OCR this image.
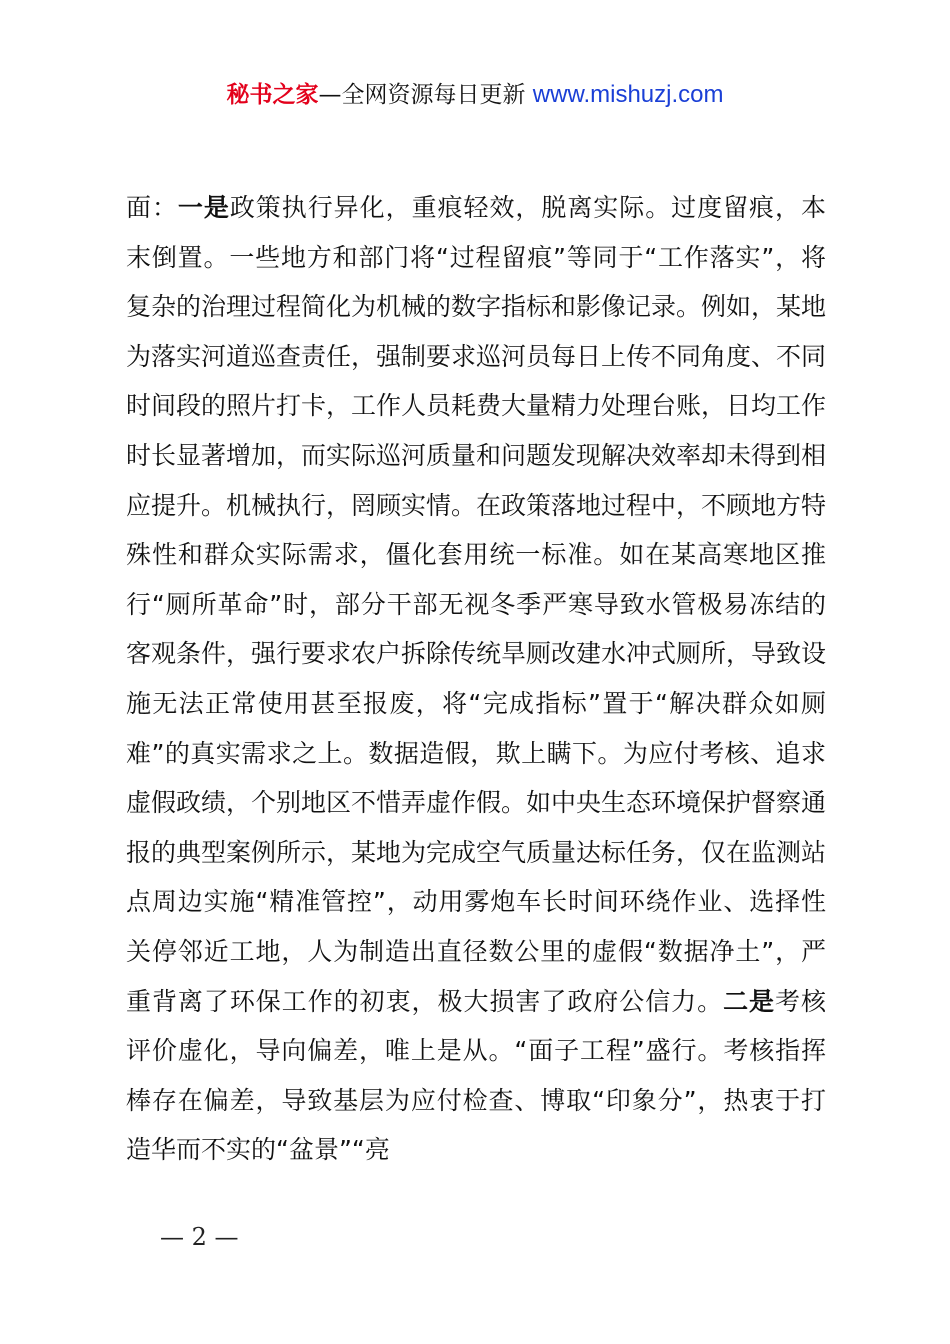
秘书之家—全网资源每日更新 www.mishuzj.com

面：一是政策执行异化，重痕轻效，脱离实际。过度留痕，本末倒置。一些地方和部门将“过程留痕”等同于“工作落实”，将复杂的治理过程简化为机械的数字指标和影像记录。例如，某地为落实河道巡查责任，强制要求巡河员每日上传不同角度、不同时间段的照片打卡，工作人员耗费大量精力处理台账，日均工作时长显著增加，而实际巡河质量和问题发现解决效率却未得到相应提升。机械执行，罔顾实情。在政策落地过程中，不顾地方特殊性和群众实际需求，僵化套用统一标准。如在某高寒地区推行“厕所革命”时，部分干部无视冬季严寒导致水管极易冻结的客观条件，强行要求农户拆除传统旱厕改建水冲式厕所，导致设施无法正常使用甚至报废，将“完成指标”置于“解决群众如厕难”的真实需求之上。数据造假，欺上瞒下。为应付考核、追求虚假政绩，个别地区不惜弄虚作假。如中央生态环境保护督察通报的典型案例所示，某地为完成空气质量达标任务，仅在监测站点周边实施“精准管控”，动用雾炮车长时间环绕作业、选择性关停邻近工地，人为制造出直径数公里的虚假“数据净土”，严重背离了环保工作的初衷，极大损害了政府公信力。二是考核评价虚化，导向偏差，唯上是从。“面子工程”盛行。考核指挥棒存在偏差，导致基层为应付检查、博取“印象分”，热衷于打造华而不实的“盆景”“亮

— 2 —
